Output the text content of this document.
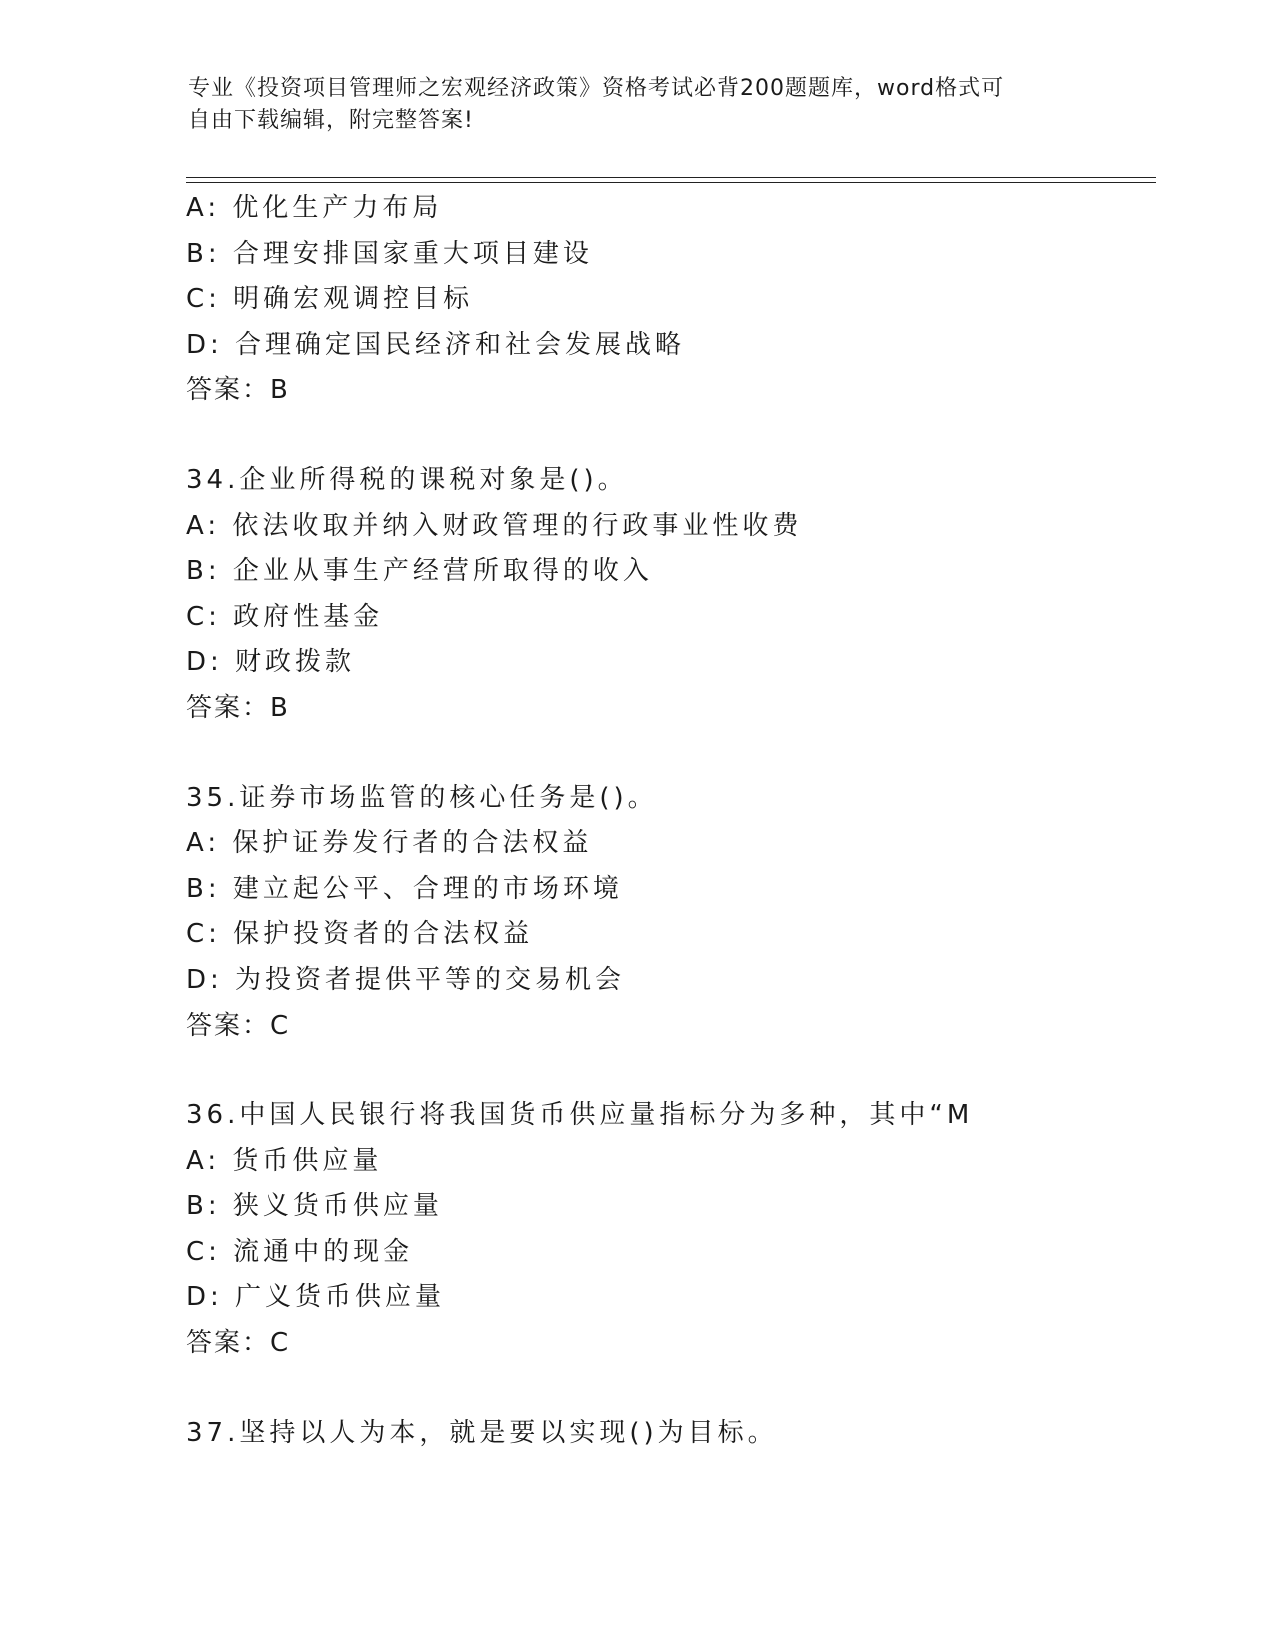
专业《投资项目管理师之宏观经济政策》资格考试必背200题题库，word格式可
自由下载编辑，附完整答案!
A: 优化生产力布局
B: 合理安排国家重大项目建设
C: 明确宏观调控目标
D: 合理确定国民经济和社会发展战略
答案：B
34.企业所得税的课税对象是()。
A: 依法收取并纳入财政管理的行政事业性收费
B: 企业从事生产经营所取得的收入
C: 政府性基金
D: 财政拨款
答案：B
35.证券市场监管的核心任务是()。
A: 保护证券发行者的合法权益
B: 建立起公平、合理的市场环境
C: 保护投资者的合法权益
D: 为投资者提供平等的交易机会
答案：C
36.中国人民银行将我国货币供应量指标分为多种，其中“M
A: 货币供应量
B: 狭义货币供应量
C: 流通中的现金
D: 广义货币供应量
答案：C
37.坚持以人为本，就是要以实现()为目标。
